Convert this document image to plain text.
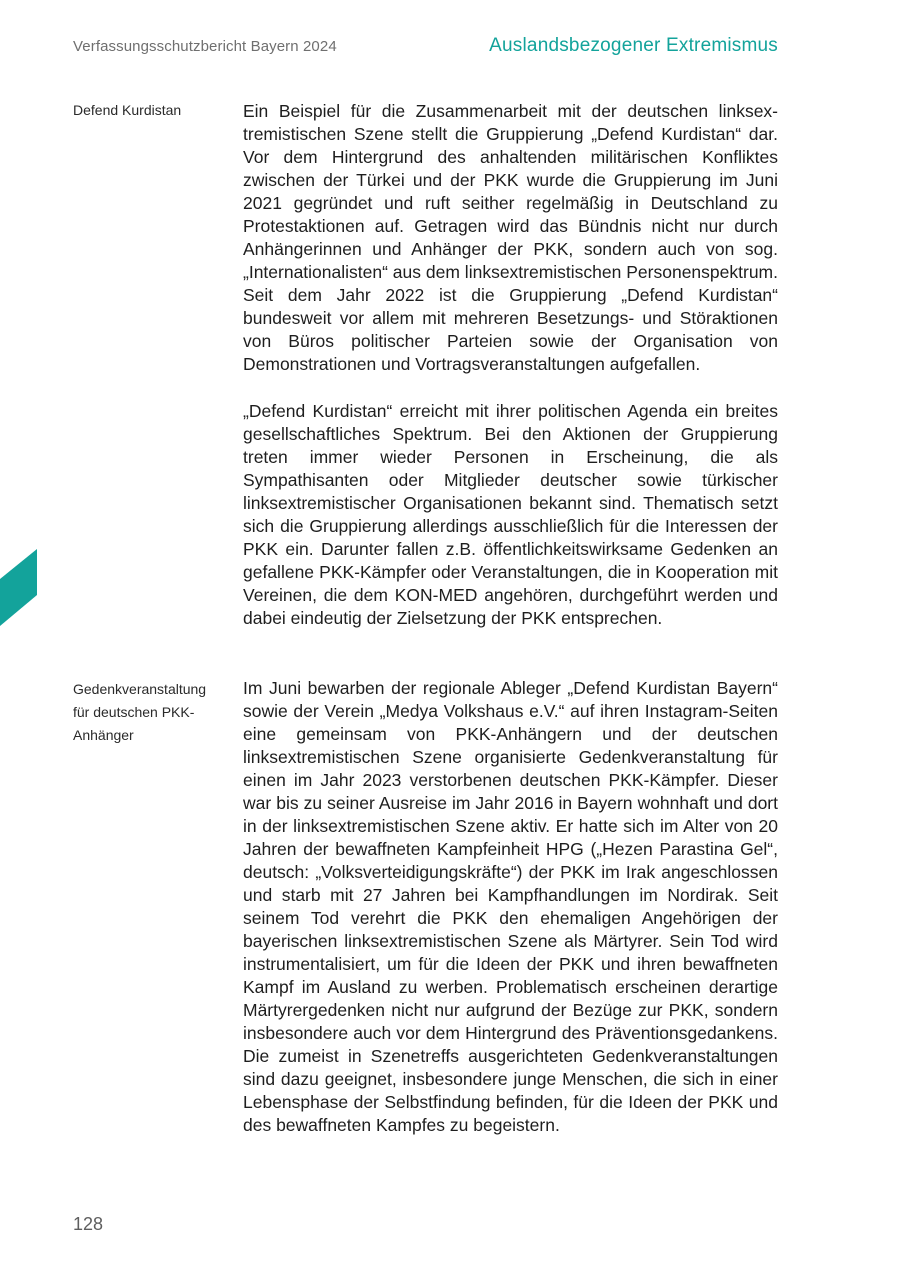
Verfassungsschutzbericht Bayern 2024	Auslandsbezogener Extremismus
Defend Kurdistan	Ein Beispiel für die Zusammenarbeit mit der deutschen linksextremistischen Szene stellt die Gruppierung „Defend Kurdistan“ dar. Vor dem Hintergrund des anhaltenden militärischen Konfliktes zwischen der Türkei und der PKK wurde die Gruppierung im Juni 2021 gegründet und ruft seither regelmäßig in Deutschland zu Protestaktionen auf. Getragen wird das Bündnis nicht nur durch Anhängerinnen und Anhänger der PKK, sondern auch von sog. „Internationalisten“ aus dem linksextremistischen Personenspektrum. Seit dem Jahr 2022 ist die Gruppierung „Defend Kurdistan“ bundesweit vor allem mit mehreren Besetzungs- und Störaktionen von Büros politischer Parteien sowie der Organisation von Demonstrationen und Vortragsveranstaltungen aufgefallen.
„Defend Kurdistan“ erreicht mit ihrer politischen Agenda ein breites gesellschaftliches Spektrum. Bei den Aktionen der Gruppierung treten immer wieder Personen in Erscheinung, die als Sympathisanten oder Mitglieder deutscher sowie türkischer linksextremistischer Organisationen bekannt sind. Thematisch setzt sich die Gruppierung allerdings ausschließlich für die Interessen der PKK ein. Darunter fallen z.B. öffentlichkeitswirksame Gedenken an gefallene PKK-Kämpfer oder Veranstaltungen, die in Kooperation mit Vereinen, die dem KON-MED angehören, durchgeführt werden und dabei eindeutig der Zielsetzung der PKK entsprechen.
Gedenkveranstaltung für deutschen PKK-Anhänger
Im Juni bewarben der regionale Ableger „Defend Kurdistan Bayern“ sowie der Verein „Medya Volkshaus e.V.“ auf ihren Instagram-Seiten eine gemeinsam von PKK-Anhängern und der deutschen linksextremistischen Szene organisierte Gedenkveranstaltung für einen im Jahr 2023 verstorbenen deutschen PKK-Kämpfer. Dieser war bis zu seiner Ausreise im Jahr 2016 in Bayern wohnhaft und dort in der linksextremistischen Szene aktiv. Er hatte sich im Alter von 20 Jahren der bewaffneten Kampfeinheit HPG („Hezen Parastina Gel“, deutsch: „Volksverteidigungskräfte“) der PKK im Irak angeschlossen und starb mit 27 Jahren bei Kampfhandlungen im Nordirak. Seit seinem Tod verehrt die PKK den ehemaligen Angehörigen der bayerischen linksextremistischen Szene als Märtyrer. Sein Tod wird instrumentalisiert, um für die Ideen der PKK und ihren bewaffneten Kampf im Ausland zu werben. Problematisch erscheinen derartige Märtyrergedenken nicht nur aufgrund der Bezüge zur PKK, sondern insbesondere auch vor dem Hintergrund des Präventionsgedankens. Die zumeist in Szenetreffs ausgerichteten Gedenkveranstaltungen sind dazu geeignet, insbesondere junge Menschen, die sich in einer Lebensphase der Selbstfindung befinden, für die Ideen der PKK und des bewaffneten Kampfes zu begeistern.
128
